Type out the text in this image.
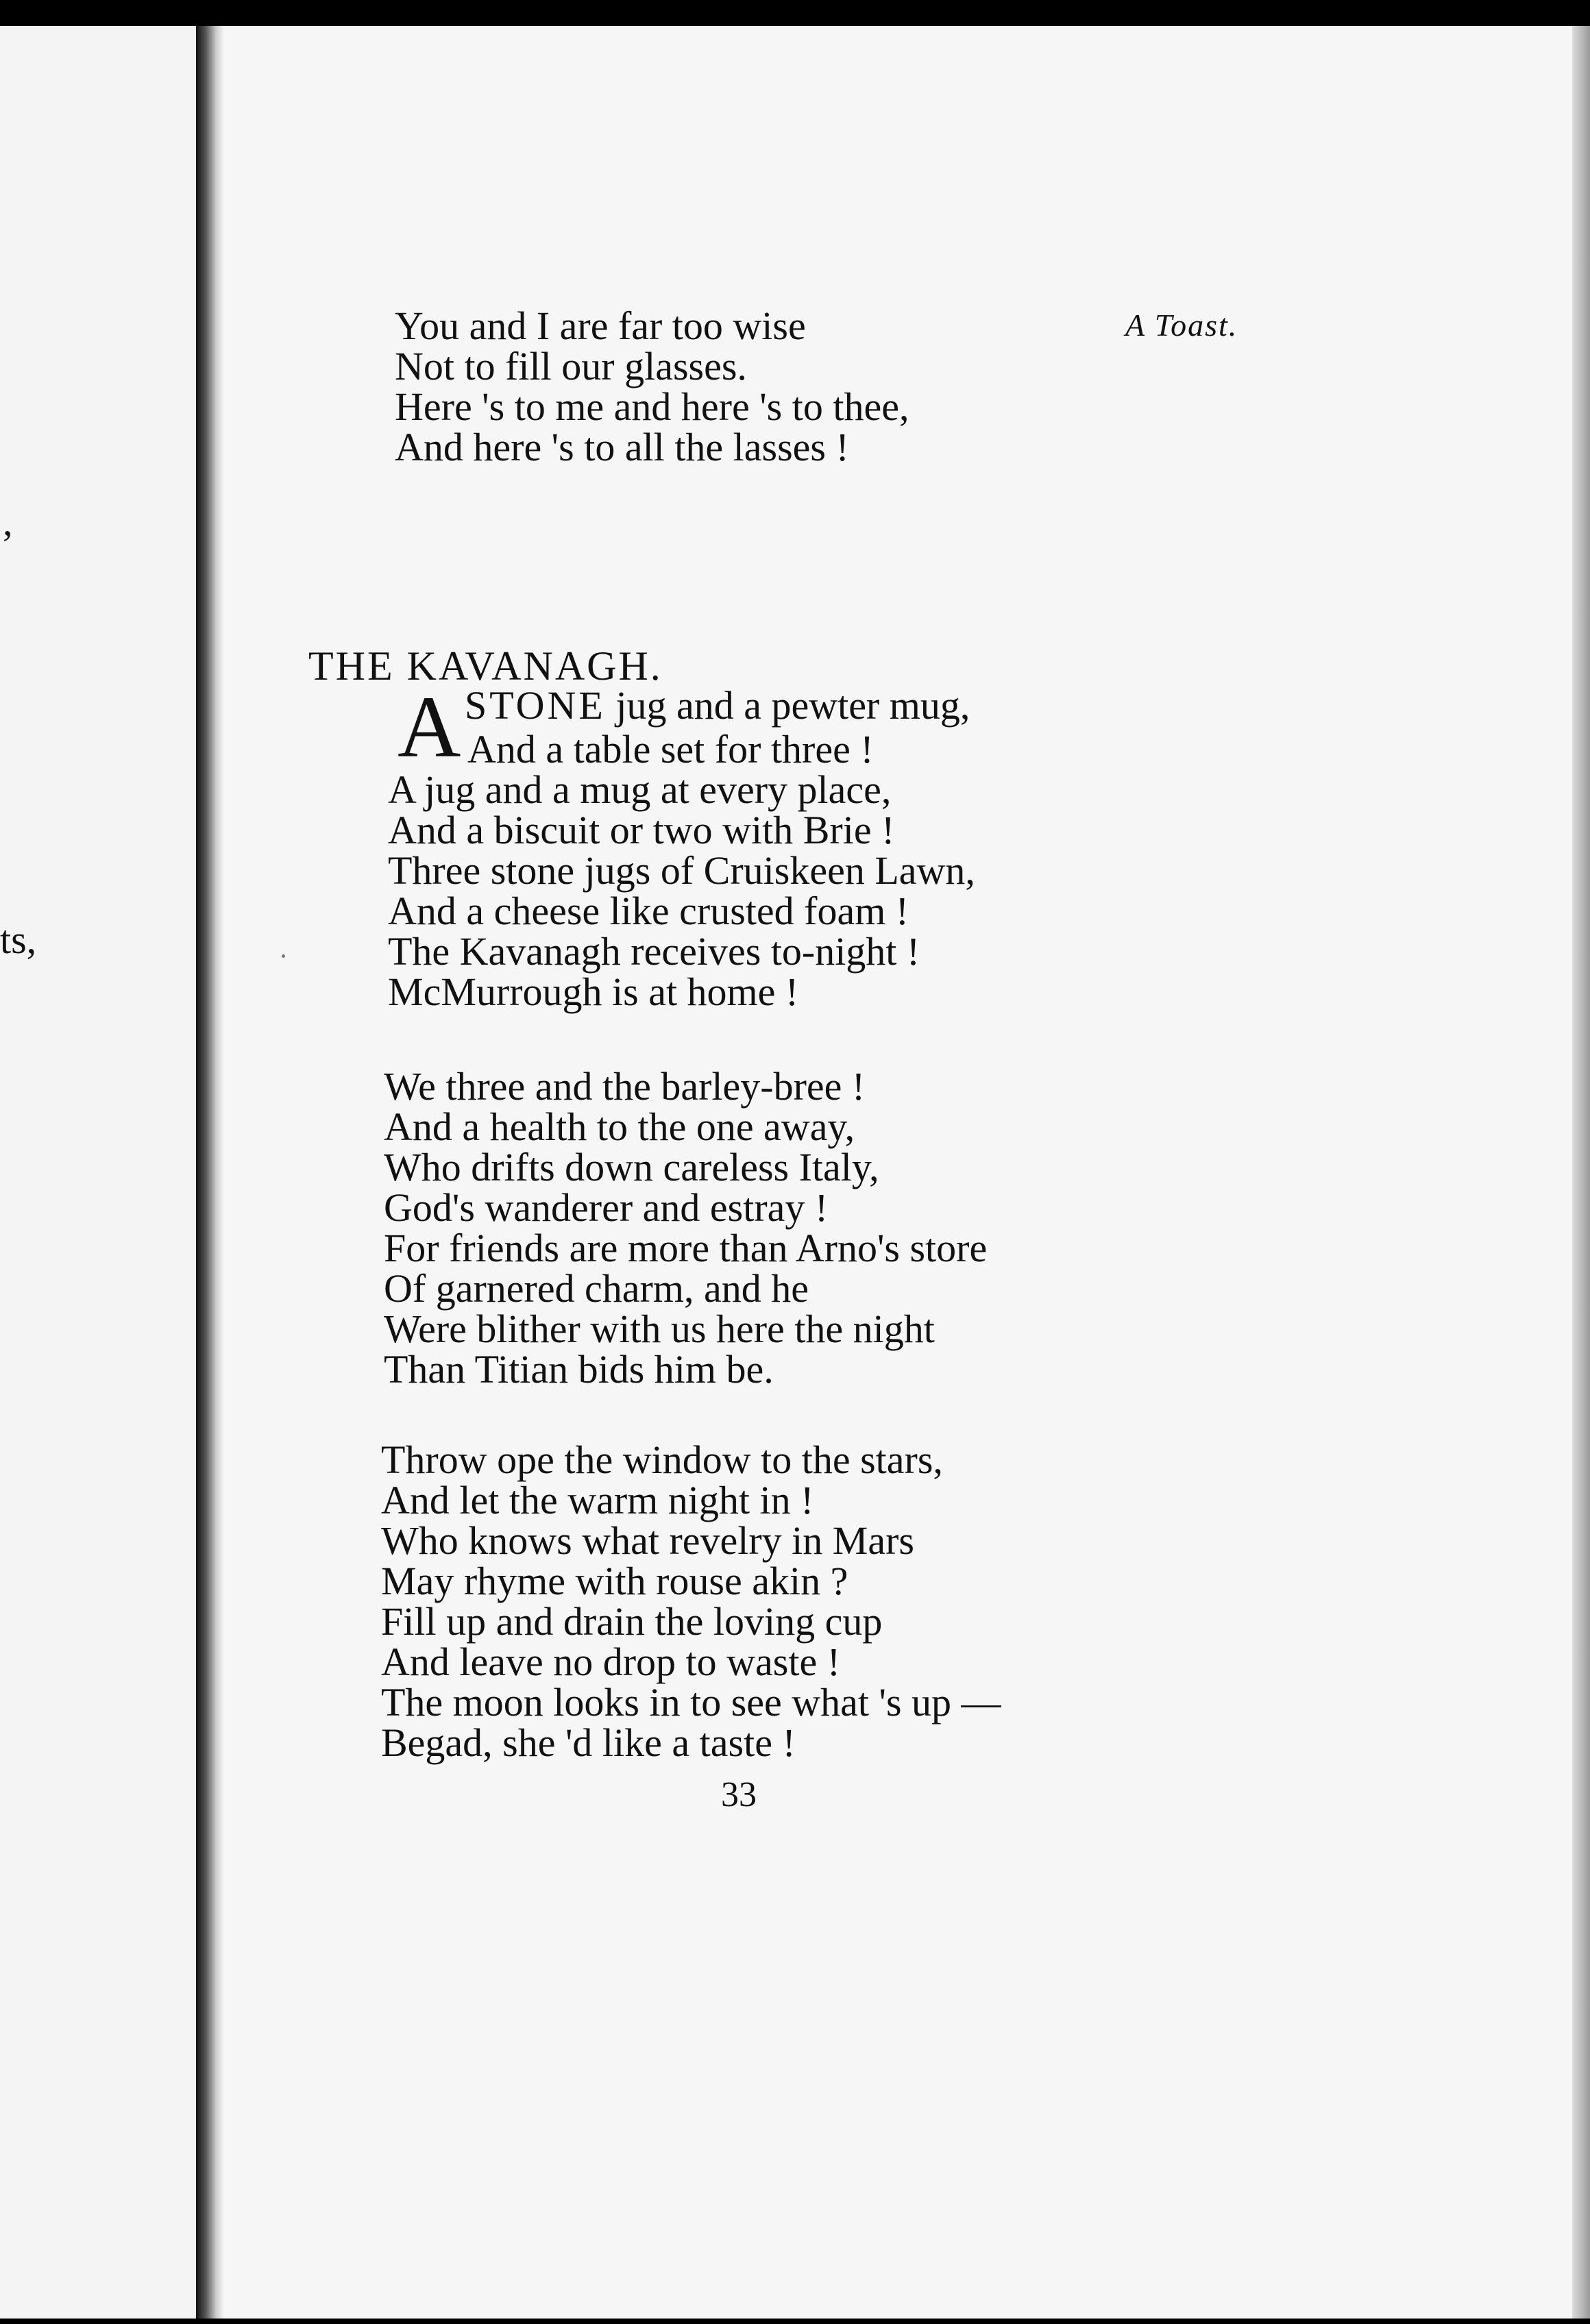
,
ts,
You and I are far too wise
Not to fill our glasses.
Here 's to me and here 's to thee,
And here 's to all the lasses !
A Toast.
THE KAVANAGH.
A STONE jug and a pewter mug,
And a table set for three !
A jug and a mug at every place,
And a biscuit or two with Brie !
Three stone jugs of Cruiskeen Lawn,
And a cheese like crusted foam !
The Kavanagh receives to-night !
McMurrough is at home !
We three and the barley-bree !
And a health to the one away,
Who drifts down careless Italy,
God's wanderer and estray !
For friends are more than Arno's store
Of garnered charm, and he
Were blither with us here the night
Than Titian bids him be.
Throw ope the window to the stars,
And let the warm night in !
Who knows what revelry in Mars
May rhyme with rouse akin ?
Fill up and drain the loving cup
And leave no drop to waste !
The moon looks in to see what 's up —
Begad, she 'd like a taste !
33
